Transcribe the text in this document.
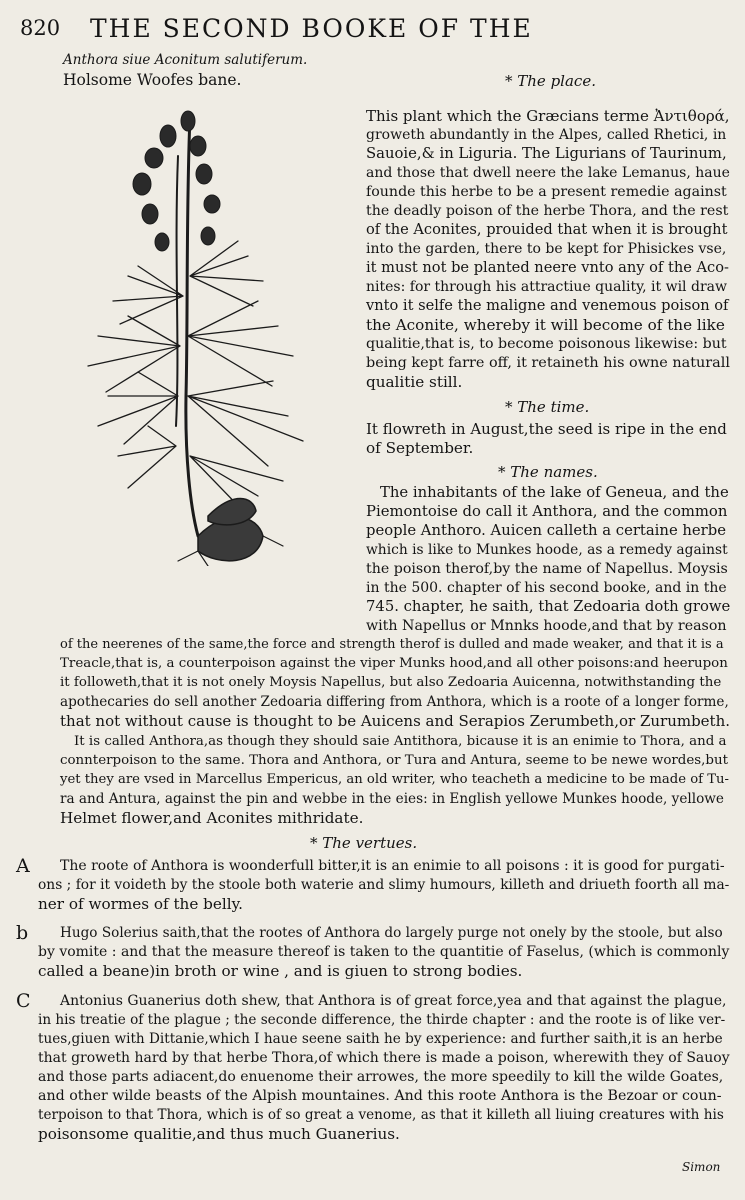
820 THE SECOND BOOKE OF THE
Anthora siue Aconitum salutiferum.
Holsome Woofes bane.	* The place.
This plant which the Græcians terme Ἀντιθορά,
groweth abundantly in the Alpes, called Rhetici, in
Sauoie,& in Liguria. The Ligurians of Taurinum,
and those that dwell neere the lake Lemanus, haue
founde this herbe to be a present remedie against
the deadly poison of the herbe Thora, and the rest
of the Aconites, prouided that when it is brought
into the garden, there to be kept for Phisickes vse,
it must not be planted neere vnto any of the Aco-
nites: for through his attractiue quality, it wil draw
vnto it selfe the maligne and venemous poison of
the Aconite, whereby it will become of the like
qualitie,that is, to become poisonous likewise: but
being kept farre off, it retaineth his owne naturall
qualitie still.
* The time.
It flowreth in August,the seed is ripe in the end
of September.
* The names.
The inhabitants of the lake of Geneua, and the
Piemontoise do call it Anthora, and the common
people Anthoro. Auicen calleth a certaine herbe
which is like to Munkes hoode, as a remedy against
the poison therof,by the name of Napellus. Moysis
in the 500. chapter of his second booke, and in the
745. chapter, he saith, that Zedoaria doth growe
with Napellus or Mnnks hoode,and that by reason
of the neerenes of the same,the force and strength therof is dulled and made weaker, and that it is a
Treacle,that is, a counterpoison against the viper Munks hood,and all other poisons:and heerupon
it followeth,that it is not onely Moysis Napellus, but also Zedoaria Auicenna, notwithstanding the
apothecaries do sell another Zedoaria differing from Anthora, which is a roote of a longer forme,
that not without cause is thought to be Auicens and Serapios Zerumbeth,or Zurumbeth.
It is called Anthora,as though they should saie Antithora, bicause it is an enimie to Thora, and a
connterpoison to the same. Thora and Anthora, or Tura and Antura, seeme to be newe wordes,but
yet they are vsed in Marcellus Empericus, an old writer, who teacheth a medicine to be made of Tu-
ra and Antura, against the pin and webbe in the eies: in English yellowe Munkes hoode, yellowe
Helmet flower,and Aconites mithridate.
* The vertues.
A The roote of Anthora is woonderfull bitter,it is an enimie to all poisons : it is good for purgati-
ons ; for it voideth by the stoole both waterie and slimy humours, killeth and driueth foorth all ma-
ner of wormes of the belly.
b Hugo Solerius saith,that the rootes of Anthora do largely purge not onely by the stoole, but also
by vomite : and that the measure thereof is taken to the quantitie of Faselus, (which is commonly
called a beane)in broth or wine , and is giuen to strong bodies.
C Antonius Guanerius doth shew, that Anthora is of great force,yea and that against the plague,
in his treatie of the plague ; the seconde difference, the thirde chapter : and the roote is of like ver-
tues,giuen with Dittanie,which I haue seene saith he by experience: and further saith,it is an herbe
that groweth hard by that herbe Thora,of which there is made a poison, wherewith they of Sauoy
and those parts adiacent,do enuenome their arrowes, the more speedily to kill the wilde Goates,
and other wilde beasts of the Alpish mountaines. And this roote Anthora is the Bezoar or coun-
terpoison to that Thora, which is of so great a venome, as that it killeth all liuing creatures with his
poisonsome qualitie,and thus much Guanerius.
Simon
